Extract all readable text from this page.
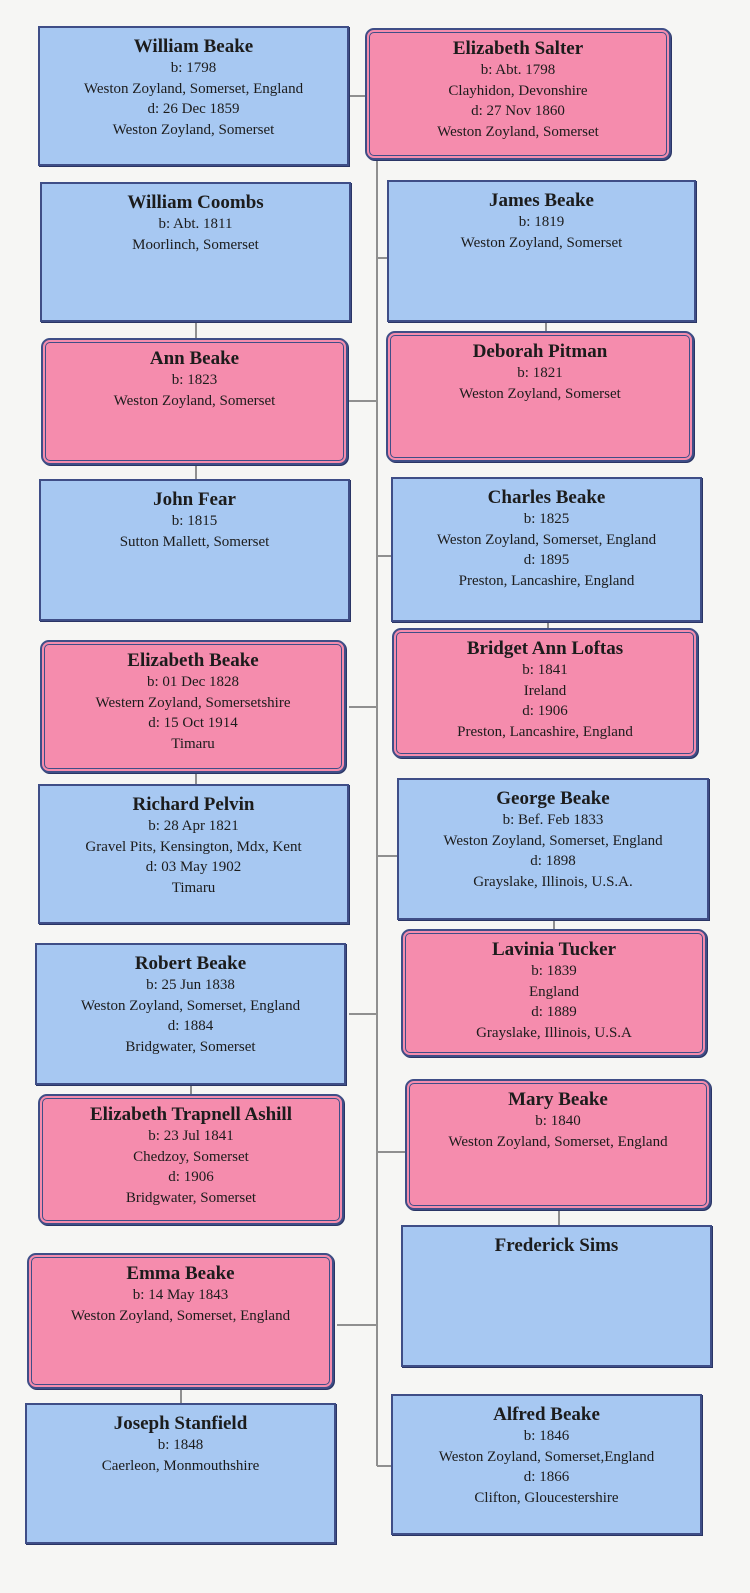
William Beake
b: 1798
Weston Zoyland, Somerset, England
d: 26 Dec 1859
Weston Zoyland, Somerset
Elizabeth Salter
b: Abt. 1798
Clayhidon, Devonshire
d: 27 Nov 1860
Weston Zoyland, Somerset
William Coombs
b: Abt. 1811
Moorlinch, Somerset
James Beake
b: 1819
Weston Zoyland, Somerset
Ann Beake
b: 1823
Weston Zoyland, Somerset
Deborah Pitman
b: 1821
Weston Zoyland, Somerset
John Fear
b: 1815
Sutton Mallett, Somerset
Charles Beake
b: 1825
Weston Zoyland, Somerset, England
d: 1895
Preston, Lancashire, England
Elizabeth Beake
b: 01 Dec 1828
Western Zoyland, Somersetshire
d: 15 Oct 1914
Timaru
Bridget Ann Loftas
b: 1841
Ireland
d: 1906
Preston, Lancashire, England
Richard Pelvin
b: 28 Apr 1821
Gravel Pits, Kensington, Mdx, Kent
d: 03 May 1902
Timaru
George Beake
b: Bef. Feb 1833
Weston Zoyland, Somerset, England
d: 1898
Grayslake, Illinois, U.S.A.
Robert Beake
b: 25 Jun 1838
Weston Zoyland, Somerset, England
d: 1884
Bridgwater, Somerset
Lavinia Tucker
b: 1839
England
d: 1889
Grayslake, Illinois, U.S.A
Elizabeth Trapnell Ashill
b: 23 Jul 1841
Chedzoy, Somerset
d: 1906
Bridgwater, Somerset
Mary Beake
b: 1840
Weston Zoyland, Somerset, England
Frederick Sims
Emma Beake
b: 14 May 1843
Weston Zoyland, Somerset, England
Alfred Beake
b: 1846
Weston Zoyland, Somerset,England
d: 1866
Clifton, Gloucestershire
Joseph Stanfield
b: 1848
Caerleon, Monmouthshire
